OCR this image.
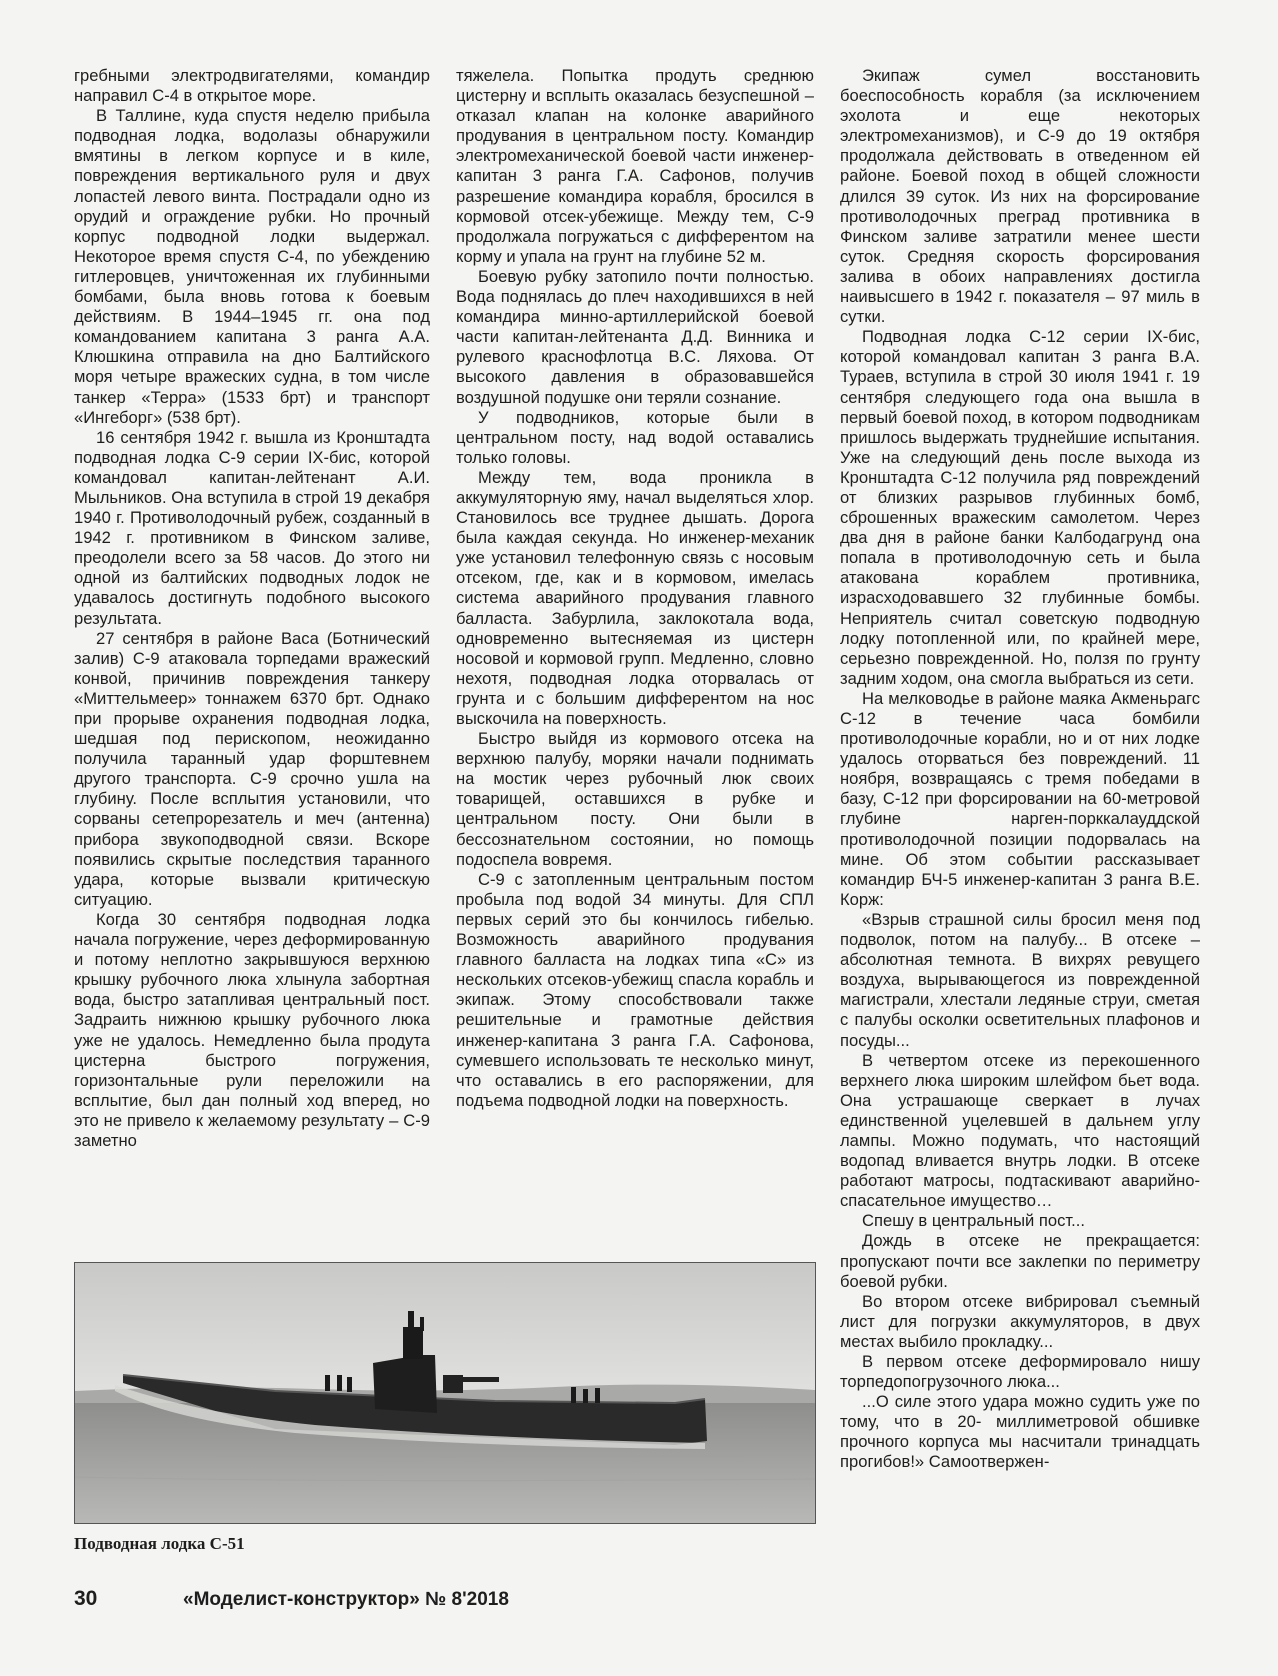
гребными электродвигателями, командир направил С-4 в открытое море.

В Таллине, куда спустя неделю прибыла подводная лодка, водолазы обнаружили вмятины в легком корпусе и в киле, повреждения вертикального руля и двух лопастей левого винта. Пострадали одно из орудий и ограждение рубки. Но прочный корпус подводной лодки выдержал. Некоторое время спустя С-4, по убеждению гитлеровцев, уничтоженная их глубинными бомбами, была вновь готова к боевым действиям. В 1944–1945 гг. она под командованием капитана 3 ранга А.А. Клюшкина отправила на дно Балтийского моря четыре вражеских судна, в том числе танкер «Терра» (1533 брт) и транспорт «Ингеборг» (538 брт).

16 сентября 1942 г. вышла из Кронштадта подводная лодка С-9 серии IX-бис, которой командовал капитан-лейтенант А.И. Мыльников. Она вступила в строй 19 декабря 1940 г. Противолодочный рубеж, созданный в 1942 г. противником в Финском заливе, преодолели всего за 58 часов. До этого ни одной из балтийских подводных лодок не удавалось достигнуть подобного высокого результата.

27 сентября в районе Васа (Ботнический залив) С-9 атаковала торпедами вражеский конвой, причинив повреждения танкеру «Миттельмеер» тоннажем 6370 брт. Однако при прорыве охранения подводная лодка, шедшая под перископом, неожиданно получила таранный удар форштевнем другого транспорта. С-9 срочно ушла на глубину. После всплытия установили, что сорваны сетепрорезатель и меч (антенна) прибора звукоподводной связи. Вскоре появились скрытые последствия таранного удара, которые вызвали критическую ситуацию.

Когда 30 сентября подводная лодка начала погружение, через деформированную и потому неплотно закрывшуюся верхнюю крышку рубочного люка хлынула забортная вода, быстро затапливая центральный пост. Задраить нижнюю крышку рубочного люка уже не удалось. Немедленно была продута цистерна быстрого погружения, горизонтальные рули переложили на всплытие, был дан полный ход вперед, но это не привело к желаемому результату – С-9 заметно

тяжелела. Попытка продуть среднюю цистерну и всплыть оказалась безуспешной – отказал клапан на колонке аварийного продувания в центральном посту. Командир электромеханической боевой части инженер-капитан 3 ранга Г.А. Сафонов, получив разрешение командира корабля, бросился в кормовой отсек-убежище. Между тем, С-9 продолжала погружаться с дифферентом на корму и упала на грунт на глубине 52 м.

Боевую рубку затопило почти полностью. Вода поднялась до плеч находившихся в ней командира минно-артиллерийской боевой части капитан-лейтенанта Д.Д. Винника и рулевого краснофлотца В.С. Ляхова. От высокого давления в образовавшейся воздушной подушке они теряли сознание.

У подводников, которые были в центральном посту, над водой оставались только головы.

Между тем, вода проникла в аккумуляторную яму, начал выделяться хлор. Становилось все труднее дышать. Дорога была каждая секунда. Но инженер-механик уже установил телефонную связь с носовым отсеком, где, как и в кормовом, имелась система аварийного продувания главного балласта. Забурлила, заклокотала вода, одновременно вытесняемая из цистерн носовой и кормовой групп. Медленно, словно нехотя, подводная лодка оторвалась от грунта и с большим дифферентом на нос выскочила на поверхность.

Быстро выйдя из кормового отсека на верхнюю палубу, моряки начали поднимать на мостик через рубочный люк своих товарищей, оставшихся в рубке и центральном посту. Они были в бессознательном состоянии, но помощь подоспела вовремя.

С-9 с затопленным центральным постом пробыла под водой 34 минуты. Для СПЛ первых серий это бы кончилось гибелью. Возможность аварийного продувания главного балласта на лодках типа «С» из нескольких отсеков-убежищ спасла корабль и экипаж. Этому способствовали также решительные и грамотные действия инженер-капитана 3 ранга Г.А. Сафонова, сумевшего использовать те несколько минут, что оставались в его распоряжении, для подъема подводной лодки на поверхность.

Экипаж сумел восстановить боеспособность корабля (за исключением эхолота и еще некоторых электромеханизмов), и С-9 до 19 октября продолжала действовать в отведенном ей районе. Боевой поход в общей сложности длился 39 суток. Из них на форсирование противолодочных преград противника в Финском заливе затратили менее шести суток. Средняя скорость форсирования залива в обоих направлениях достигла наивысшего в 1942 г. показателя – 97 миль в сутки.

Подводная лодка С-12 серии IX-бис, которой командовал капитан 3 ранга В.А. Тураев, вступила в строй 30 июля 1941 г. 19 сентября следующего года она вышла в первый боевой поход, в котором подводникам пришлось выдержать труднейшие испытания. Уже на следующий день после выхода из Кронштадта С-12 получила ряд повреждений от близких разрывов глубинных бомб, сброшенных вражеским самолетом. Через два дня в районе банки Калбодагрунд она попала в противолодочную сеть и была атакована кораблем противника, израсходовавшего 32 глубинные бомбы. Неприятель считал советскую подводную лодку потопленной или, по крайней мере, серьезно поврежденной. Но, ползя по грунту задним ходом, она смогла выбраться из сети.

На мелководье в районе маяка Акменьрагс С-12 в течение часа бомбили противолодочные корабли, но и от них лодке удалось оторваться без повреждений. 11 ноября, возвращаясь с тремя победами в базу, С-12 при форсировании на 60-метровой глубине нарген-порккалауддской противолодочной позиции подорвалась на мине. Об этом событии рассказывает командир БЧ-5 инженер-капитан 3 ранга В.Е. Корж:

«Взрыв страшной силы бросил меня под подволок, потом на палубу... В отсеке – абсолютная темнота. В вихрях ревущего воздуха, вырывающегося из поврежденной магистрали, хлестали ледяные струи, сметая с палубы осколки осветительных плафонов и посуды...

В четвертом отсеке из перекошенного верхнего люка широким шлейфом бьет вода. Она устрашающе сверкает в лучах единственной уцелевшей в дальнем углу лампы. Можно подумать, что настоящий водопад вливается внутрь лодки. В отсеке работают матросы, подтаскивают аварийно-спасательное имущество…

Спешу в центральный пост...

Дождь в отсеке не прекращается: пропускают почти все заклепки по периметру боевой рубки.

Во втором отсеке вибрировал съемный лист для погрузки аккумуляторов, в двух местах выбило прокладку...

В первом отсеке деформировало нишу торпедопогрузочного люка...

...О силе этого удара можно судить уже по тому, что в 20- миллиметровой обшивке прочного корпуса мы насчитали тринадцать прогибов!» Самоотвержен-

Подводная лодка С-51
30	«Моделист-конструктор» № 8'2018
